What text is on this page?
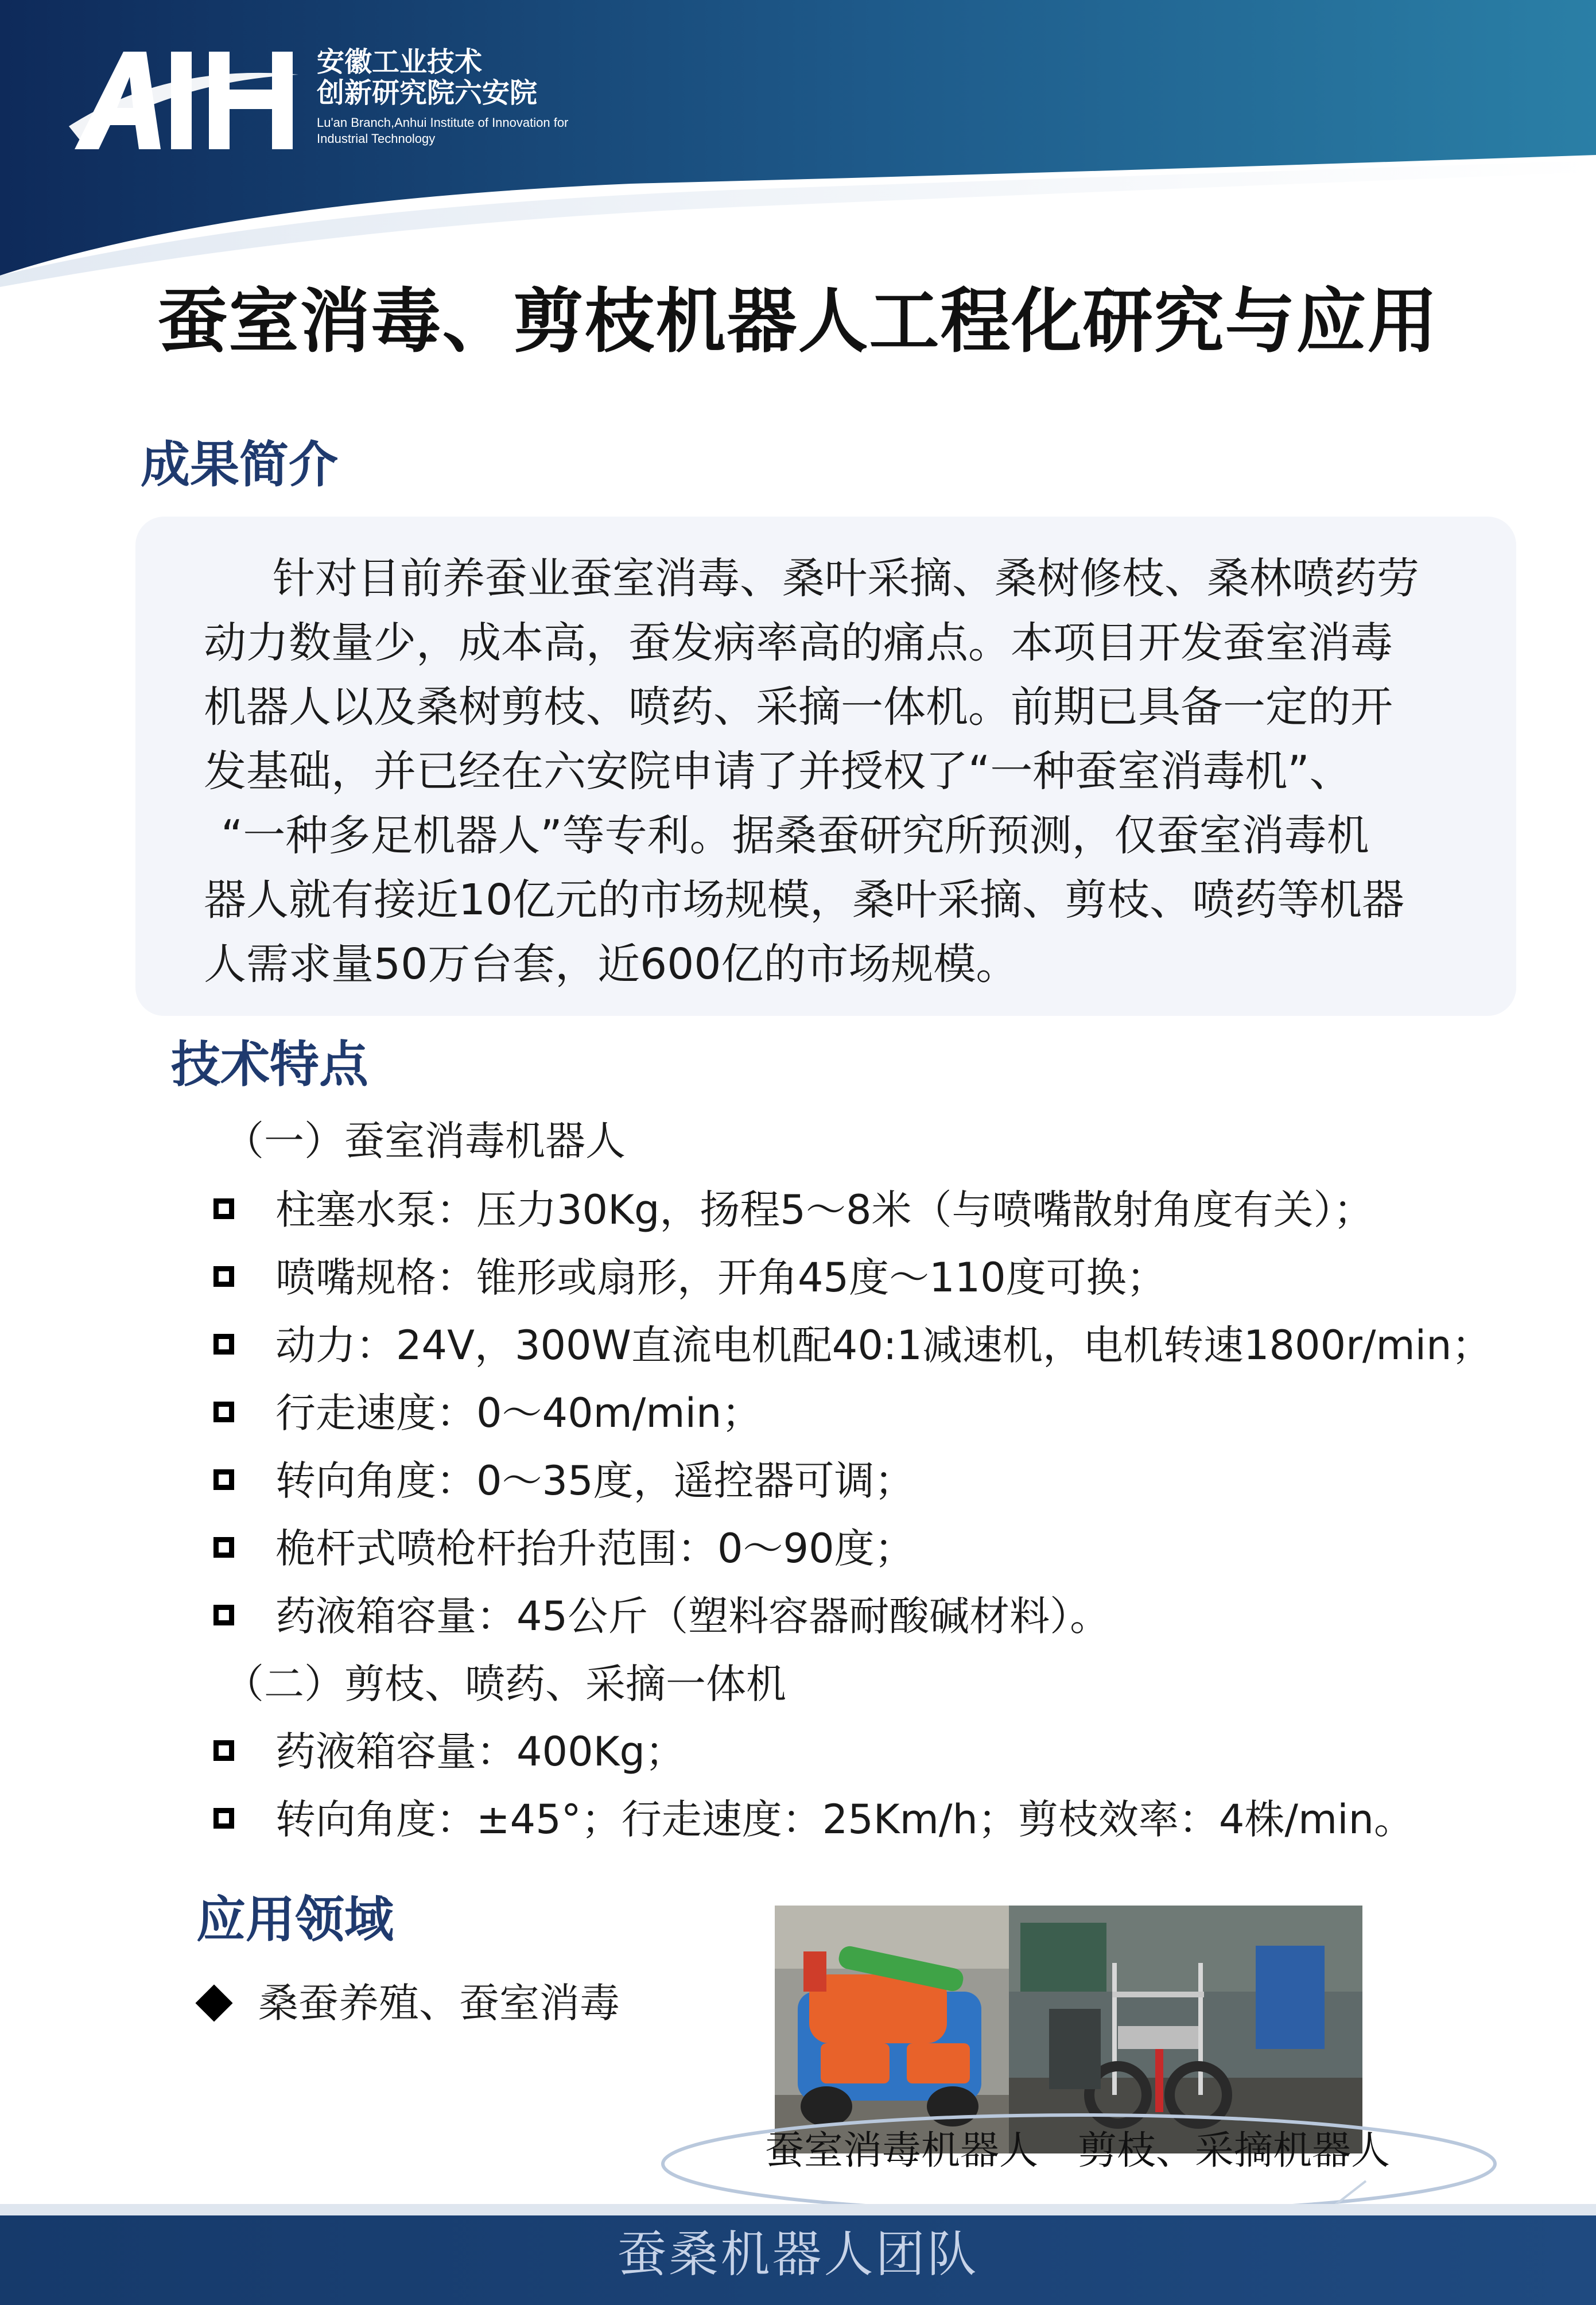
安徽工业技术
创新研究院六安院
Lu'an Branch,Anhui Institute of Innovation for
Industrial Technology
蚕室消毒、剪枝机器人工程化研究与应用
成果简介
针对目前养蚕业蚕室消毒、桑叶采摘、桑树修枝、桑林喷药劳
动力数量少，成本高，蚕发病率高的痛点。本项目开发蚕室消毒
机器人以及桑树剪枝、喷药、采摘一体机。前期已具备一定的开
发基础，并已经在六安院申请了并授权了“一种蚕室消毒机”、
“一种多足机器人”等专利。据桑蚕研究所预测，仅蚕室消毒机
器人就有接近10亿元的市场规模，桑叶采摘、剪枝、喷药等机器
人需求量50万台套，近600亿的市场规模。
技术特点
（一）蚕室消毒机器人
柱塞水泵：压力30Kg，扬程5～8米（与喷嘴散射角度有关）；
喷嘴规格：锥形或扇形，开角45度～110度可换；
动力：24V，300W直流电机配40:1减速机，电机转速1800r/min；
行走速度：0～40m/min；
转向角度：0～35度，遥控器可调；
桅杆式喷枪杆抬升范围：0～90度；
药液箱容量：45公斤（塑料容器耐酸碱材料）。
（二）剪枝、喷药、采摘一体机
药液箱容量：400Kg；
转向角度：±45°；行走速度：25Km/h；剪枝效率：4株/min。
应用领域
桑蚕养殖、蚕室消毒
蚕室消毒机器人 剪枝、采摘机器人
蚕桑机器人团队
